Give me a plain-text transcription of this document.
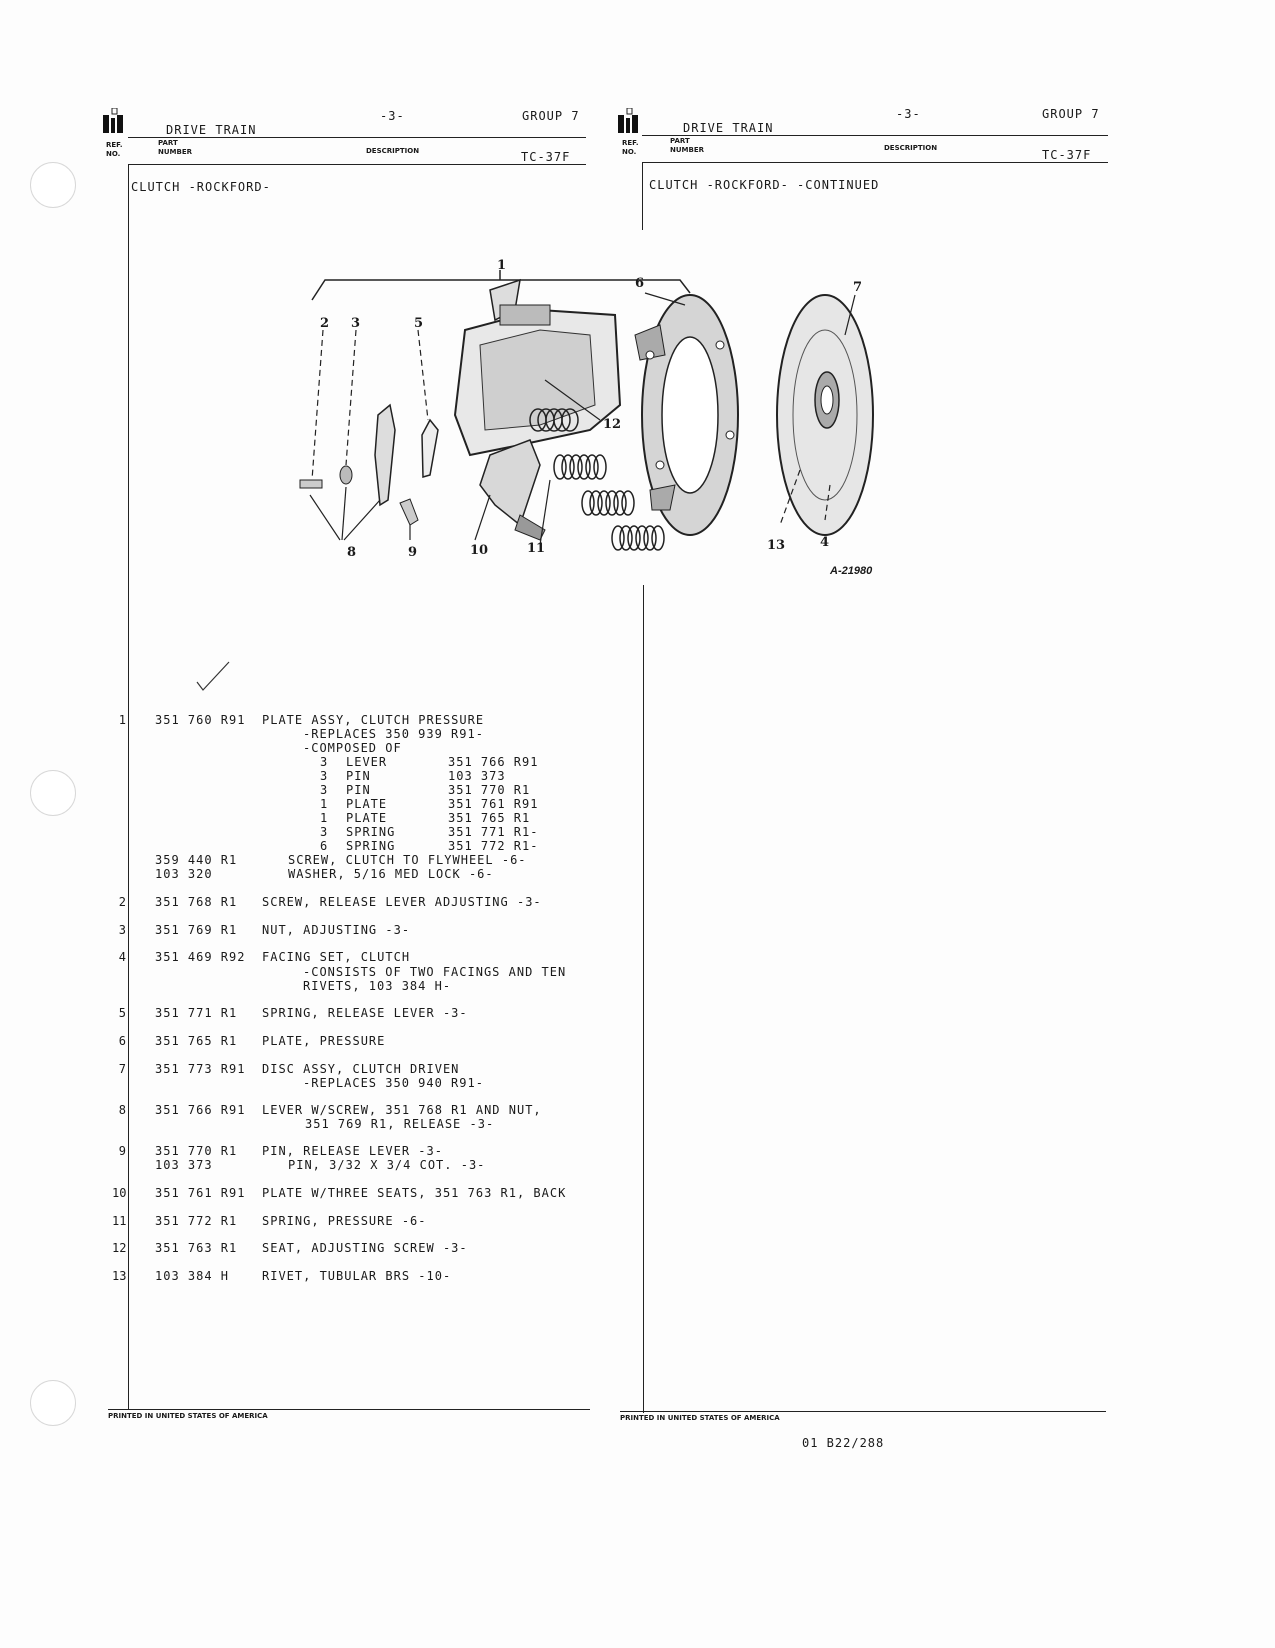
DRIVE TRAIN
-3-	GROUP 7
REF.
NO.
PART
NUMBER	DESCRIPTION	TC-37F
CLUTCH -ROCKFORD-
DRIVE TRAIN
-3-	GROUP 7
REF.
NO.
PART
NUMBER	DESCRIPTION	TC-37F
CLUTCH -ROCKFORD- -CONTINUED
1
2 3	5
6	7
12
8	9	10	11	13	4
A-21980
1 351 760 R91 PLATE ASSY, CLUTCH PRESSURE
-REPLACES 350 939 R91-
-COMPOSED OF
3 LEVER	351 766 R91
3 PIN	103 373
3 PIN	351 770 R1
1 PLATE	351 761 R91
1 PLATE	351 765 R1
3 SPRING	351 771 R1-
6 SPRING	351 772 R1-
359 440 R1	SCREW, CLUTCH TO FLYWHEEL -6-
103 320	WASHER, 5/16 MED LOCK -6-
2 351 768 R1 SCREW, RELEASE LEVER ADJUSTING -3-
3 351 769 R1 NUT, ADJUSTING -3-
4 351 469 R92 FACING SET, CLUTCH
-CONSISTS OF TWO FACINGS AND TEN
RIVETS, 103 384 H-
5 351 771 R1 SPRING, RELEASE LEVER -3-
6 351 765 R1 PLATE, PRESSURE
7 351 773 R91 DISC ASSY, CLUTCH DRIVEN
-REPLACES 350 940 R91-
8 351 766 R91 LEVER W/SCREW, 351 768 R1 AND NUT,
351 769 R1, RELEASE -3-
9 351 770 R1 PIN, RELEASE LEVER -3-
103 373	PIN, 3/32 X 3/4 COT. -3-
10 351 761 R91 PLATE W/THREE SEATS, 351 763 R1, BACK
11 351 772 R1 SPRING, PRESSURE -6-
12 351 763 R1 SEAT, ADJUSTING SCREW -3-
13 103 384 H	RIVET, TUBULAR BRS -10-
PRINTED IN UNITED STATES OF AMERICA	PRINTED IN UNITED STATES OF AMERICA
01 B22/288
